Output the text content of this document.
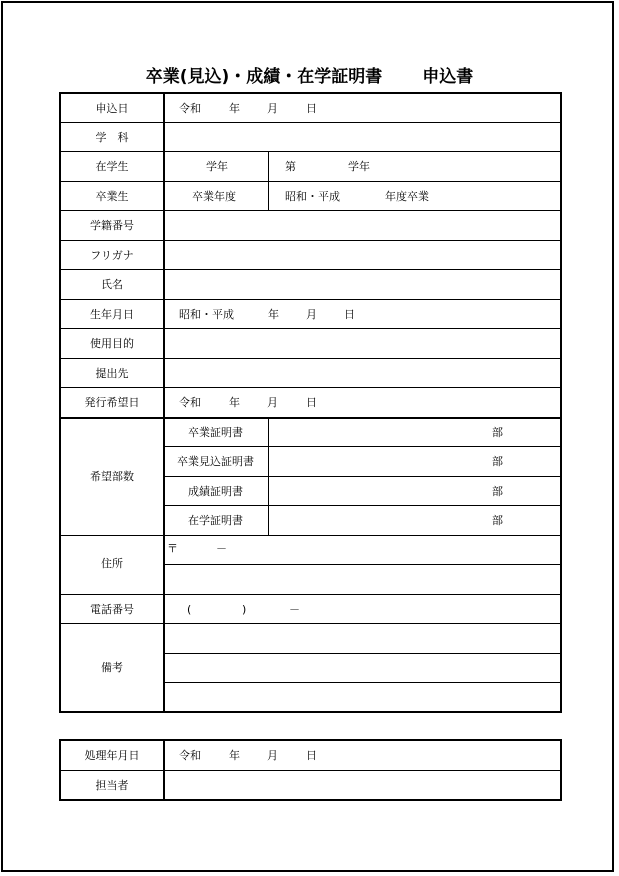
卒業(見込)・成績・在学証明書 申込書
申込日	令和	年 月	日
学　科
在学生	学年	第	学年
卒業生	卒業年度	昭和・平成	年度卒業
学籍番号
フリガナ
氏名
生年月日	昭和・平成	年 月 日
使用目的
提出先
発行希望日	令和	年 月	日
希望部数
卒業証明書	部
卒業見込証明書	部
成績証明書	部
在学証明書	部
住所
〒	－
電話番号	(	)	－
備考
処理年月日	令和	年 月	日
担当者
